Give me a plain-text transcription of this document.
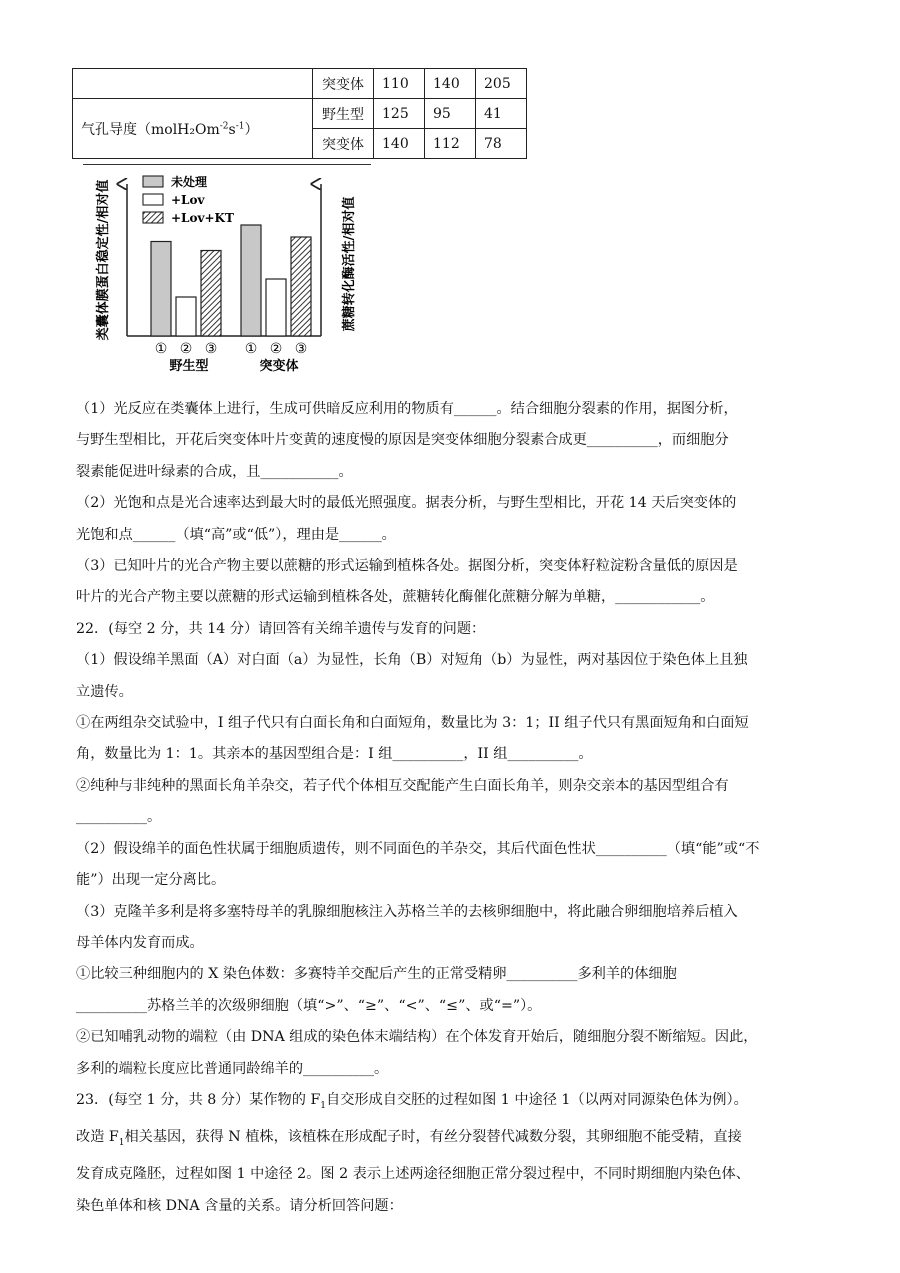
	突变体	110	140	205
气孔导度$(molH_2Om^{-2}s^{-1})$	野生型	125	95	41
	突变体	140	112	78
类囊体膜蛋白稳定性/相对值	蔗糖转化酶活性/相对值
未处理
+Lov
+Lov+KT
① ② ③ ① ② ③
野生型	突变体

（1）光反应在类囊体上进行，生成可供暗反应利用的物质有______。结合细胞分裂素的作用，据图分析，

与野生型相比，开花后突变体叶片变黄的速度慢的原因是突变体细胞分裂素合成更__________，而细胞分

裂素能促进叶绿素的合成，且___________。

（2）光饱和点是光合速率达到最大时的最低光照强度。据表分析，与野生型相比，开花 14 天后突变体的

光饱和点______（填“高”或“低”），理由是______。

（3）已知叶片的光合产物主要以蔗糖的形式运输到植株各处。据图分析，突变体籽粒淀粉含量低的原因是

叶片的光合产物主要以蔗糖的形式运输到植株各处，蔗糖转化酶催化蔗糖分解为单糖，____________。

22．(每空 2 分，共 14 分）请回答有关绵羊遗传与发育的问题：

（1）假设绵羊黑面（A）对白面（a）为显性，长角（B）对短角（b）为显性，两对基因位于染色体上且独

立遗传。

①在两组杂交试验中，I 组子代只有白面长角和白面短角，数量比为 3：1；II 组子代只有黑面短角和白面短

角，数量比为 1：1。其亲本的基因型组合是：I 组__________，II 组__________。

②纯种与非纯种的黑面长角羊杂交，若子代个体相互交配能产生白面长角羊，则杂交亲本的基因型组合有

__________。

（2）假设绵羊的面色性状属于细胞质遗传，则不同面色的羊杂交，其后代面色性状__________（填“能”或“不

能”）出现一定分离比。

（3）克隆羊多利是将多塞特母羊的乳腺细胞核注入苏格兰羊的去核卵细胞中，将此融合卵细胞培养后植入

母羊体内发育而成。

①比较三种细胞内的 X 染色体数：多赛特羊交配后产生的正常受精卵__________多利羊的体细胞

__________苏格兰羊的次级卵细胞（填“>”、“≥”、“<”、“≤”、或“=”）。

②已知哺乳动物的端粒（由 DNA 组成的染色体末端结构）在个体发育开始后，随细胞分裂不断缩短。因此，

多利的端粒长度应比普通同龄绵羊的__________。

23．(每空 1 分，共 8 分）某作物的 $F_1$自交形成自交胚的过程如图 1 中途径 1（以两对同源染色体为例）。

改造 $F_1$相关基因，获得 N 植株，该植株在形成配子时，有丝分裂替代减数分裂，其卵细胞不能受精，直接

发育成克隆胚，过程如图 1 中途径 2。图 2 表示上述两途径细胞正常分裂过程中，不同时期细胞内染色体、

染色单体和核 DNA 含量的关系。请分析回答问题：
